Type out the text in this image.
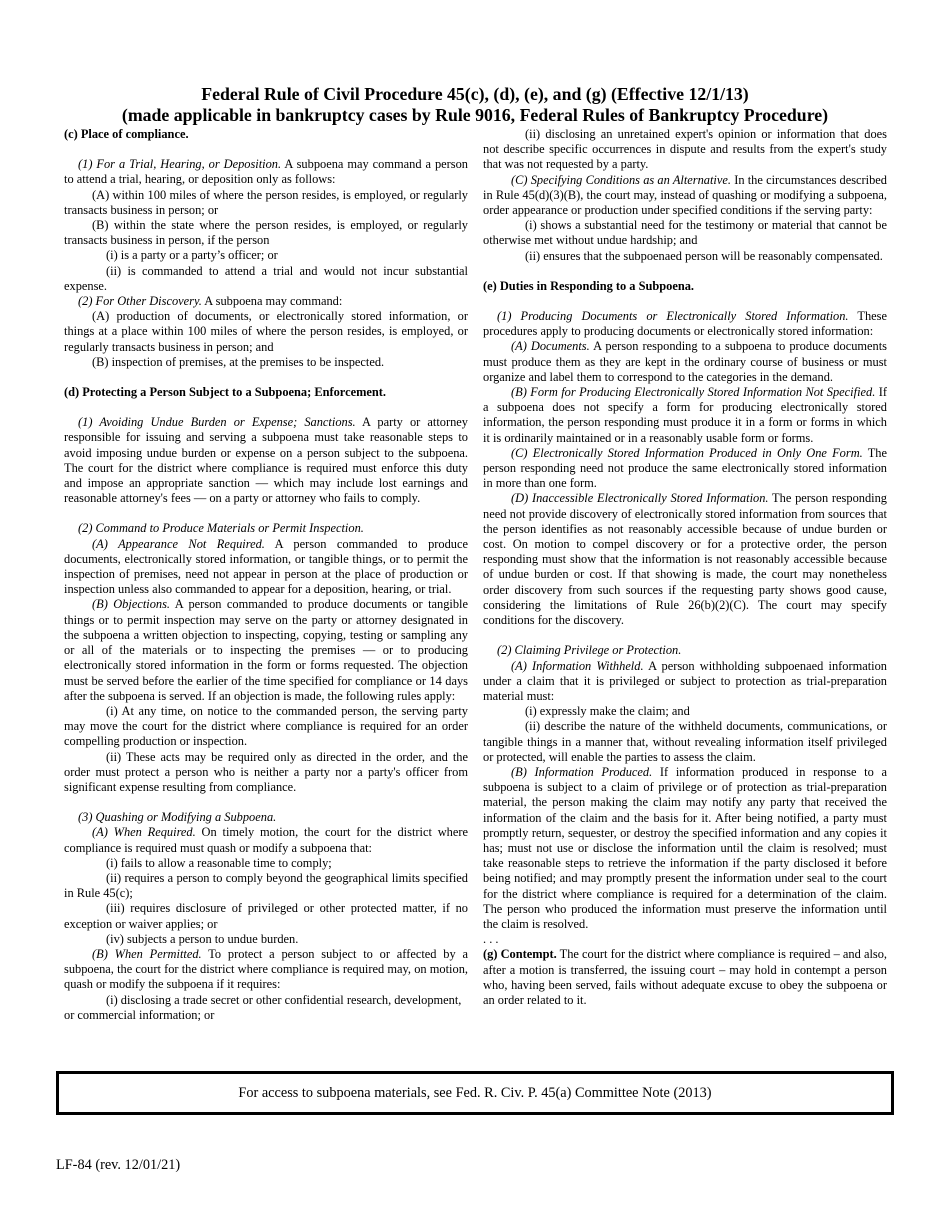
Federal Rule of Civil Procedure 45(c), (d), (e), and (g) (Effective 12/1/13)
(made applicable in bankruptcy cases by Rule 9016, Federal Rules of Bankruptcy Procedure)

(c) Place of compliance.

(1) For a Trial, Hearing, or Deposition. A subpoena may command a person to attend a trial, hearing, or deposition only as follows:

(A) within 100 miles of where the person resides, is employed, or regularly transacts business in person; or

(B) within the state where the person resides, is employed, or regularly transacts business in person, if the person

(i) is a party or a party’s officer; or

(ii) is commanded to attend a trial and would not incur substantial expense.

(2) For Other Discovery. A subpoena may command:

(A) production of documents, or electronically stored information, or things at a place within 100 miles of where the person resides, is employed, or regularly transacts business in person; and

(B) inspection of premises, at the premises to be inspected.

(d) Protecting a Person Subject to a Subpoena; Enforcement.

(1) Avoiding Undue Burden or Expense; Sanctions. A party or attorney responsible for issuing and serving a subpoena must take reasonable steps to avoid imposing undue burden or expense on a person subject to the subpoena. The court for the district where compliance is required must enforce this duty and impose an appropriate sanction — which may include lost earnings and reasonable attorney's fees — on a party or attorney who fails to comply.

(2) Command to Produce Materials or Permit Inspection.

(A) Appearance Not Required. A person commanded to produce documents, electronically stored information, or tangible things, or to permit the inspection of premises, need not appear in person at the place of production or inspection unless also commanded to appear for a deposition, hearing, or trial.

(B) Objections. A person commanded to produce documents or tangible things or to permit inspection may serve on the party or attorney designated in the subpoena a written objection to inspecting, copying, testing or sampling any or all of the materials or to inspecting the premises — or to producing electronically stored information in the form or forms requested. The objection must be served before the earlier of the time specified for compliance or 14 days after the subpoena is served. If an objection is made, the following rules apply:

(i) At any time, on notice to the commanded person, the serving party may move the court for the district where compliance is required for an order compelling production or inspection.

(ii) These acts may be required only as directed in the order, and the order must protect a person who is neither a party nor a party's officer from significant expense resulting from compliance.

(3) Quashing or Modifying a Subpoena.

(A) When Required. On timely motion, the court for the district where compliance is required must quash or modify a subpoena that:

(i) fails to allow a reasonable time to comply;

(ii) requires a person to comply beyond the geographical limits specified in Rule 45(c);

(iii) requires disclosure of privileged or other protected matter, if no exception or waiver applies; or

(iv) subjects a person to undue burden.

(B) When Permitted. To protect a person subject to or affected by a subpoena, the court for the district where compliance is required may, on motion, quash or modify the subpoena if it requires:

(i) disclosing a trade secret or other confidential research, development, or commercial information; or

(ii) disclosing an unretained expert's opinion or information that does not describe specific occurrences in dispute and results from the expert's study that was not requested by a party.

(C) Specifying Conditions as an Alternative. In the circumstances described in Rule 45(d)(3)(B), the court may, instead of quashing or modifying a subpoena, order appearance or production under specified conditions if the serving party:

(i) shows a substantial need for the testimony or material that cannot be otherwise met without undue hardship; and

(ii) ensures that the subpoenaed person will be reasonably compensated.

(e) Duties in Responding to a Subpoena.

(1) Producing Documents or Electronically Stored Information. These procedures apply to producing documents or electronically stored information:

(A) Documents. A person responding to a subpoena to produce documents must produce them as they are kept in the ordinary course of business or must organize and label them to correspond to the categories in the demand.

(B) Form for Producing Electronically Stored Information Not Specified. If a subpoena does not specify a form for producing electronically stored information, the person responding must produce it in a form or forms in which it is ordinarily maintained or in a reasonably usable form or forms.

(C) Electronically Stored Information Produced in Only One Form. The person responding need not produce the same electronically stored information in more than one form.

(D) Inaccessible Electronically Stored Information. The person responding need not provide discovery of electronically stored information from sources that the person identifies as not reasonably accessible because of undue burden or cost. On motion to compel discovery or for a protective order, the person responding must show that the information is not reasonably accessible because of undue burden or cost. If that showing is made, the court may nonetheless order discovery from such sources if the requesting party shows good cause, considering the limitations of Rule 26(b)(2)(C). The court may specify conditions for the discovery.

(2) Claiming Privilege or Protection.

(A) Information Withheld. A person withholding subpoenaed information under a claim that it is privileged or subject to protection as trial-preparation material must:

(i) expressly make the claim; and

(ii) describe the nature of the withheld documents, communications, or tangible things in a manner that, without revealing information itself privileged or protected, will enable the parties to assess the claim.

(B) Information Produced. If information produced in response to a subpoena is subject to a claim of privilege or of protection as trial-preparation material, the person making the claim may notify any party that received the information of the claim and the basis for it. After being notified, a party must promptly return, sequester, or destroy the specified information and any copies it has; must not use or disclose the information until the claim is resolved; must take reasonable steps to retrieve the information if the party disclosed it before being notified; and may promptly present the information under seal to the court for the district where compliance is required for a determination of the claim. The person who produced the information must preserve the information until the claim is resolved.

. . .

(g) Contempt. The court for the district where compliance is required – and also, after a motion is transferred, the issuing court – may hold in contempt a person who, having been served, fails without adequate excuse to obey the subpoena or an order related to it.

For access to subpoena materials, see Fed. R. Civ. P. 45(a) Committee Note (2013)
LF-84 (rev. 12/01/21)
